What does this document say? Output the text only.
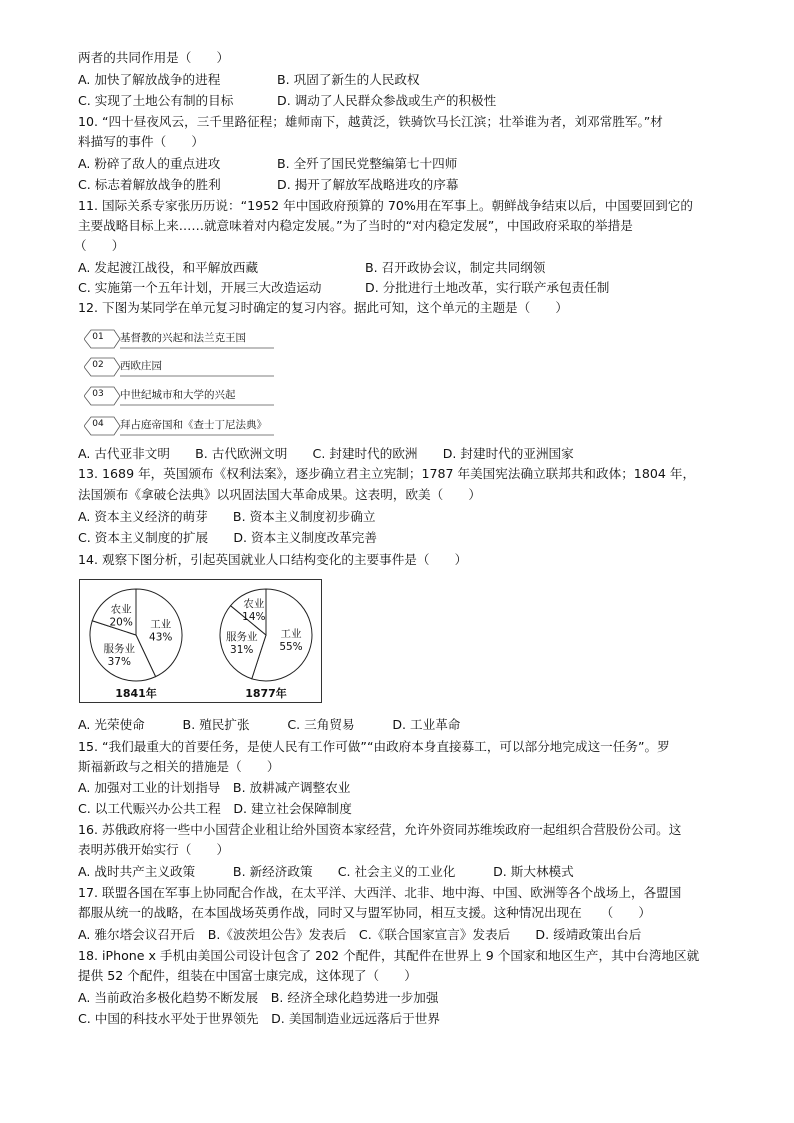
两者的共同作用是（　　）
A. 加快了解放战争的进程	B. 巩固了新生的人民政权
C. 实现了土地公有制的目标	D. 调动了人民群众参战或生产的积极性
10. “四十昼夜风云，三千里路征程；雄师南下，越黄泛，铁骑饮马长江滨；壮举谁为者，刘邓常胜军。”材
料描写的事件（　　）
A. 粉碎了敌人的重点进攻	B. 全歼了国民党整编第七十四师
C. 标志着解放战争的胜利	D. 揭开了解放军战略进攻的序幕
11. 国际关系专家张历历说：“1952 年中国政府预算的 70%用在军事上。朝鲜战争结束以后，中国要回到它的
主要战略目标上来……就意味着对内稳定发展。”为了当时的“对内稳定发展”，中国政府采取的举措是
（　　）
A. 发起渡江战役，和平解放西藏	B. 召开政协会议，制定共同纲领
C. 实施第一个五年计划，开展三大改造运动	D. 分批进行土地改革，实行联产承包责任制
12. 下图为某同学在单元复习时确定的复习内容。据此可知，这个单元的主题是（　　）
01	基督教的兴起和法兰克王国
02	西欧庄园
03	中世纪城市和大学的兴起
04	拜占庭帝国和《查士丁尼法典》
A. 古代亚非文明　　B. 古代欧洲文明　　C. 封建时代的欧洲　　D. 封建时代的亚洲国家
13. 1689 年，英国颁布《权利法案》，逐步确立君主立宪制；1787 年美国宪法确立联邦共和政体；1804 年，
法国颁布《拿破仑法典》以巩固法国大革命成果。这表明，欧美（　　）
A. 资本主义经济的萌芽　　B. 资本主义制度初步确立
C. 资本主义制度的扩展　　D. 资本主义制度改革完善
14. 观察下图分析，引起英国就业人口结构变化的主要事件是（　　）
工业
43%
服务业
37%
农业
20%
1841年
工业
55%
服务业
31%
农业
14%
1877年
A. 光荣使命　　　B. 殖民扩张　　　C. 三角贸易　　　D. 工业革命
15. “我们最重大的首要任务，是使人民有工作可做”“由政府本身直接募工，可以部分地完成这一任务”。罗
斯福新政与之相关的措施是（　　）
A. 加强对工业的计划指导　B. 放耕减产调整农业
C. 以工代赈兴办公共工程　D. 建立社会保障制度
16. 苏俄政府将一些中小国营企业租让给外国资本家经营，允许外资同苏维埃政府一起组织合营股份公司。这
表明苏俄开始实行（　　）
A. 战时共产主义政策　　　B. 新经济政策　　C. 社会主义的工业化　　　D. 斯大林模式
17. 联盟各国在军事上协同配合作战，在太平洋、大西洋、北非、地中海、中国、欧洲等各个战场上，各盟国
都服从统一的战略，在本国战场英勇作战，同时又与盟军协同，相互支援。这种情况出现在　　（　　）
A. 雅尔塔会议召开后　B.《波茨坦公告》发表后　C.《联合国家宣言》发表后　　D. 绥靖政策出台后
18. iPhone x 手机由美国公司设计包含了 202 个配件，其配件在世界上 9 个国家和地区生产，其中台湾地区就
提供 52 个配件，组装在中国富士康完成，这体现了（　　）
A. 当前政治多极化趋势不断发展　B. 经济全球化趋势进一步加强
C. 中国的科技水平处于世界领先　D. 美国制造业远远落后于世界
